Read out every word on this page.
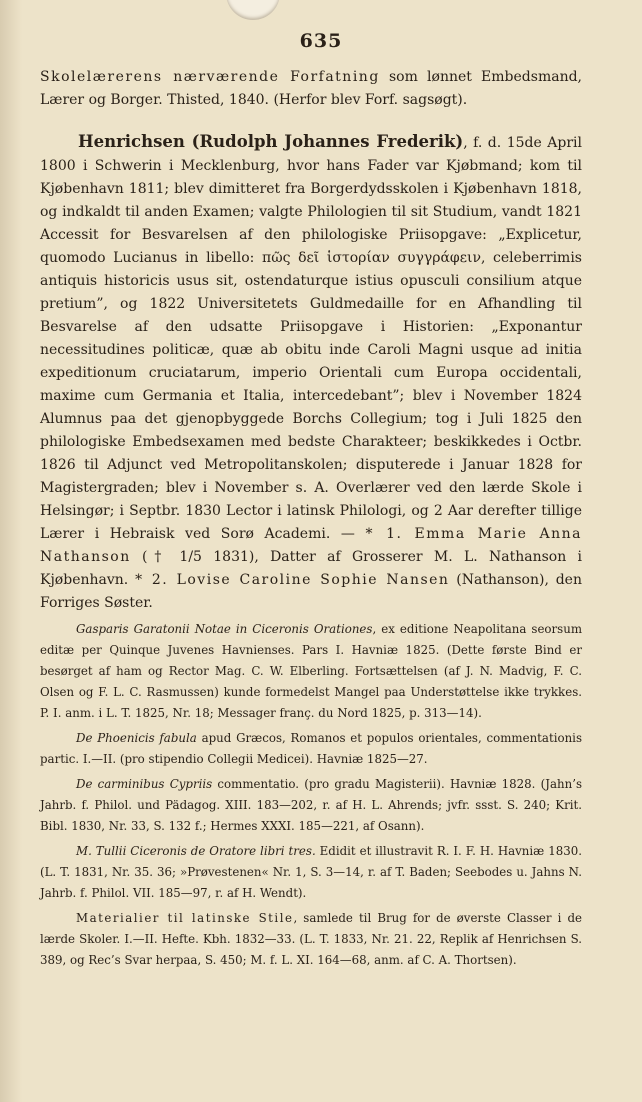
635

Skolelærerens nærværende Forfatning som lønnet Embedsmand, Lærer og Borger. Thisted, 1840. (Herfor blev Forf. sagsøgt).

Henrichsen (Rudolph Johannes Frederik), f. d. 15de April 1800 i Schwerin i Mecklenburg, hvor hans Fader var Kjøbmand; kom til Kjøbenhavn 1811; blev dimitteret fra Borgerdydsskolen i Kjøbenhavn 1818, og indkaldt til anden Examen; valgte Philologien til sit Studium, vandt 1821 Accessit for Besvarelsen af den philologiske Priisopgave: „Explicetur, quomodo Lucianus in libello: πῶς δεῖ ἱστορίαν συγγράφειν, celeberrimis antiquis historicis usus sit, ostendaturque istius opusculi consilium atque pretium”, og 1822 Universitetets Guldmedaille for en Afhandling til Besvarelse af den udsatte Priisopgave i Historien: „Exponantur necessitudines politicæ, quæ ab obitu inde Caroli Magni usque ad initia expeditionum cruciatarum, imperio Orientali cum Europa occidentali, maxime cum Germania et Italia, intercedebant”; blev i November 1824 Alumnus paa det gjenopbyggede Borchs Collegium; tog i Juli 1825 den philologiske Embedsexamen med bedste Charakteer; beskikkedes i Octbr. 1826 til Adjunct ved Metropolitanskolen; disputerede i Januar 1828 for Magistergraden; blev i November s. A. Overlærer ved den lærde Skole i Helsingør; i Septbr. 1830 Lector i latinsk Philologi, og 2 Aar derefter tillige Lærer i Hebraisk ved Sorø Academi. — * 1. Emma Marie Anna Nathanson († 1/5 1831), Datter af Grosserer M. L. Nathanson i Kjøbenhavn. * 2. Lovise Caroline Sophie Nansen (Nathanson), den Forriges Søster.

Gasparis Garatonii Notae in Ciceronis Orationes, ex editione Neapolitana seorsum editæ per Quinque Juvenes Havnienses. Pars I. Havniæ 1825. (Dette første Bind er besørget af ham og Rector Mag. C. W. Elberling. Fortsættelsen (af J. N. Madvig, F. C. Olsen og F. L. C. Rasmussen) kunde formedelst Mangel paa Understøttelse ikke trykkes. P. I. anm. i L. T. 1825, Nr. 18; Messager franç. du Nord 1825, p. 313—14).

De Phoenicis fabula apud Græcos, Romanos et populos orientales, commentationis partic. I.—II. (pro stipendio Collegii Medicei). Havniæ 1825—27.

De carminibus Cypriis commentatio. (pro gradu Magisterii). Havniæ 1828. (Jahn’s Jahrb. f. Philol. und Pädagog. XIII. 183—202, r. af H. L. Ahrends; jvfr. ssst. S. 240; Krit. Bibl. 1830, Nr. 33, S. 132 f.; Hermes XXXI. 185—221, af Osann).

M. Tullii Ciceronis de Oratore libri tres. Edidit et illustravit R. I. F. H. Havniæ 1830. (L. T. 1831, Nr. 35. 36; »Prøvestenen« Nr. 1, S. 3—14, r. af T. Baden; Seebodes u. Jahns N. Jahrb. f. Philol. VII. 185—97, r. af H. Wendt).

Materialier til latinske Stile, samlede til Brug for de øverste Classer i de lærde Skoler. I.—II. Hefte. Kbh. 1832—33. (L. T. 1833, Nr. 21. 22, Replik af Henrichsen S. 389, og Rec’s Svar herpaa, S. 450; M. f. L. XI. 164—68, anm. af C. A. Thortsen).
